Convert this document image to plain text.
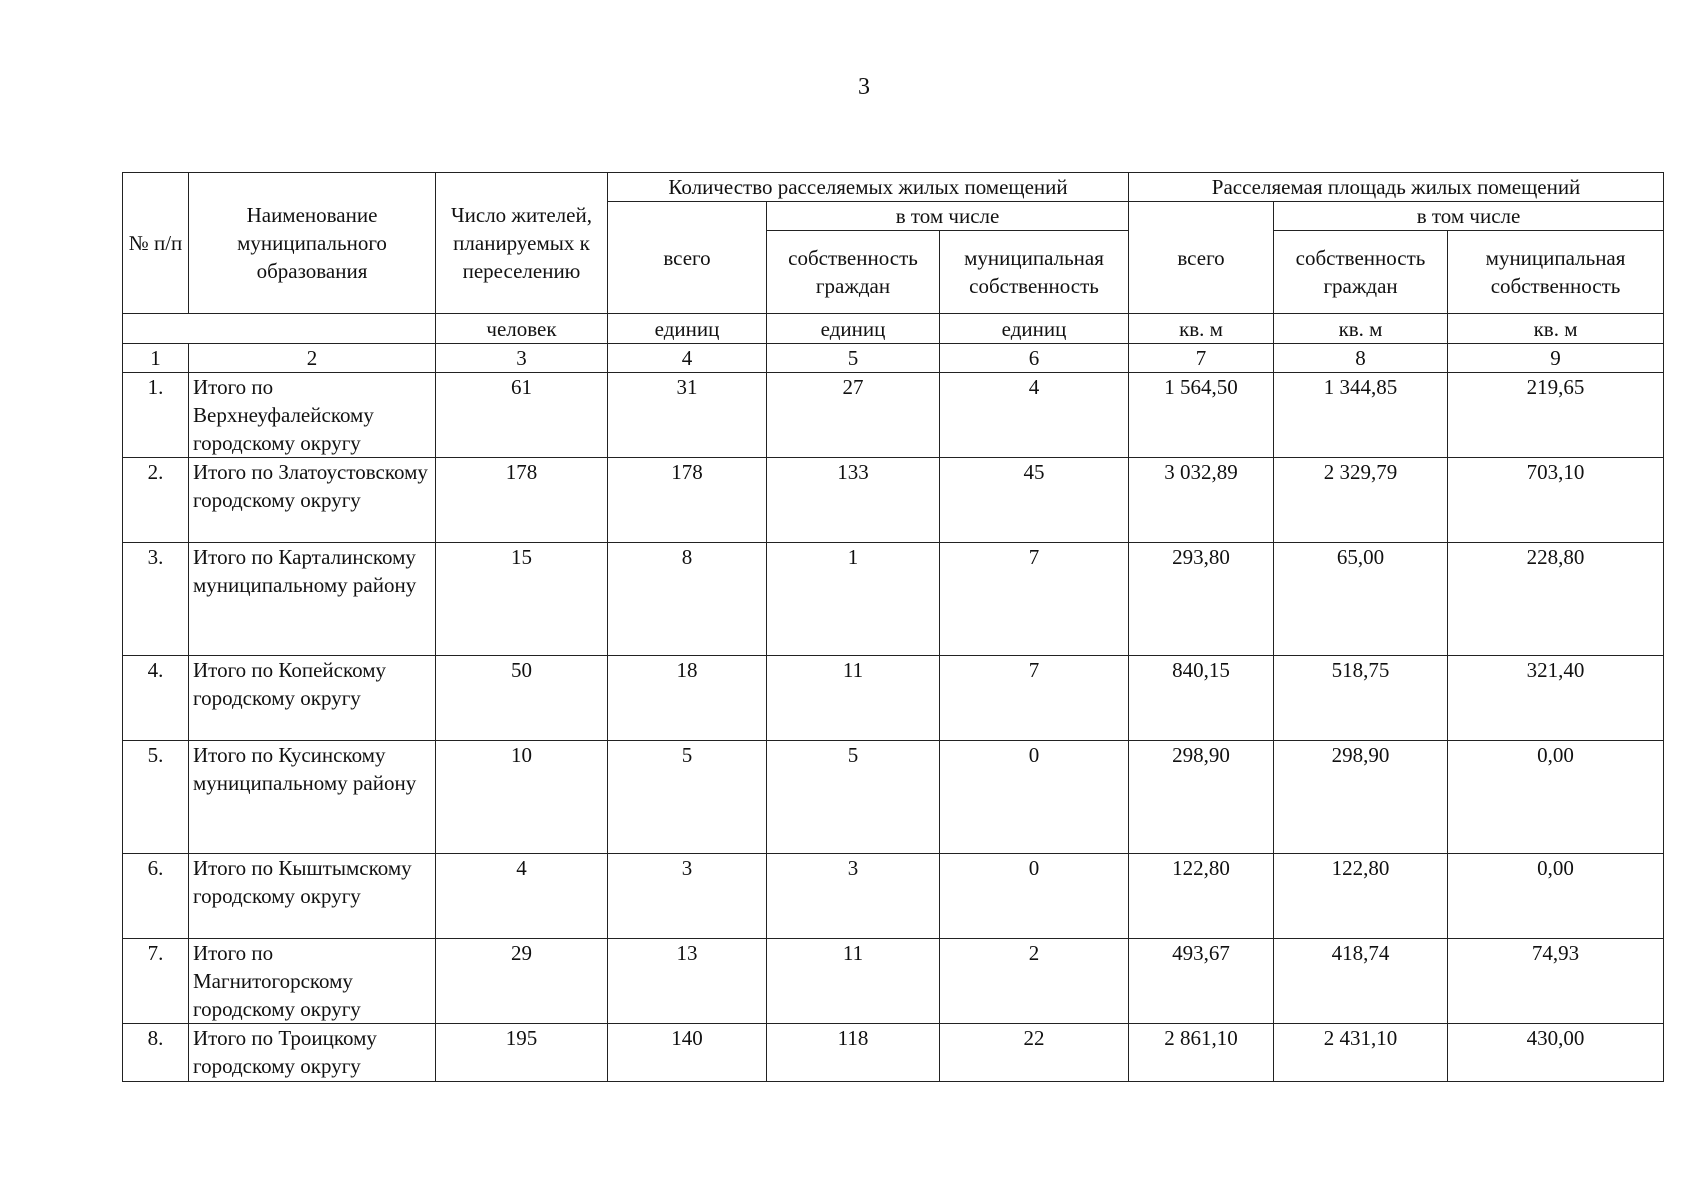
3
№ п/п	Наименование муниципального образования	Число жителей, планируемых к переселению	Количество расселяемых жилых помещений			Расселяемая площадь жилых помещений		
			всего	в том числе		всего	в том числе	
				собственность граждан	муниципальная собственность		собственность граждан	муниципальная собственность
		человек	единиц	единиц	единиц	кв. м	кв. м	кв. м
1	2	3	4	5	6	7	8	9
1.	Итого по Верхнеуфалейскому городскому округу	61	31	27	4	1 564,50	1 344,85	219,65
2.	Итого по Златоустовскому городскому округу	178	178	133	45	3 032,89	2 329,79	703,10
3.	Итого по Карталинскому муниципальному району	15	8	1	7	293,80	65,00	228,80
4.	Итого по Копейскому городскому округу	50	18	11	7	840,15	518,75	321,40
5.	Итого по Кусинскому муниципальному району	10	5	5	0	298,90	298,90	0,00
6.	Итого по Кыштымскому городскому округу	4	3	3	0	122,80	122,80	0,00
7.	Итого по Магнитогорскому городскому округу	29	13	11	2	493,67	418,74	74,93
8.	Итого по Троицкому городскому округу	195	140	118	22	2 861,10	2 431,10	430,00
